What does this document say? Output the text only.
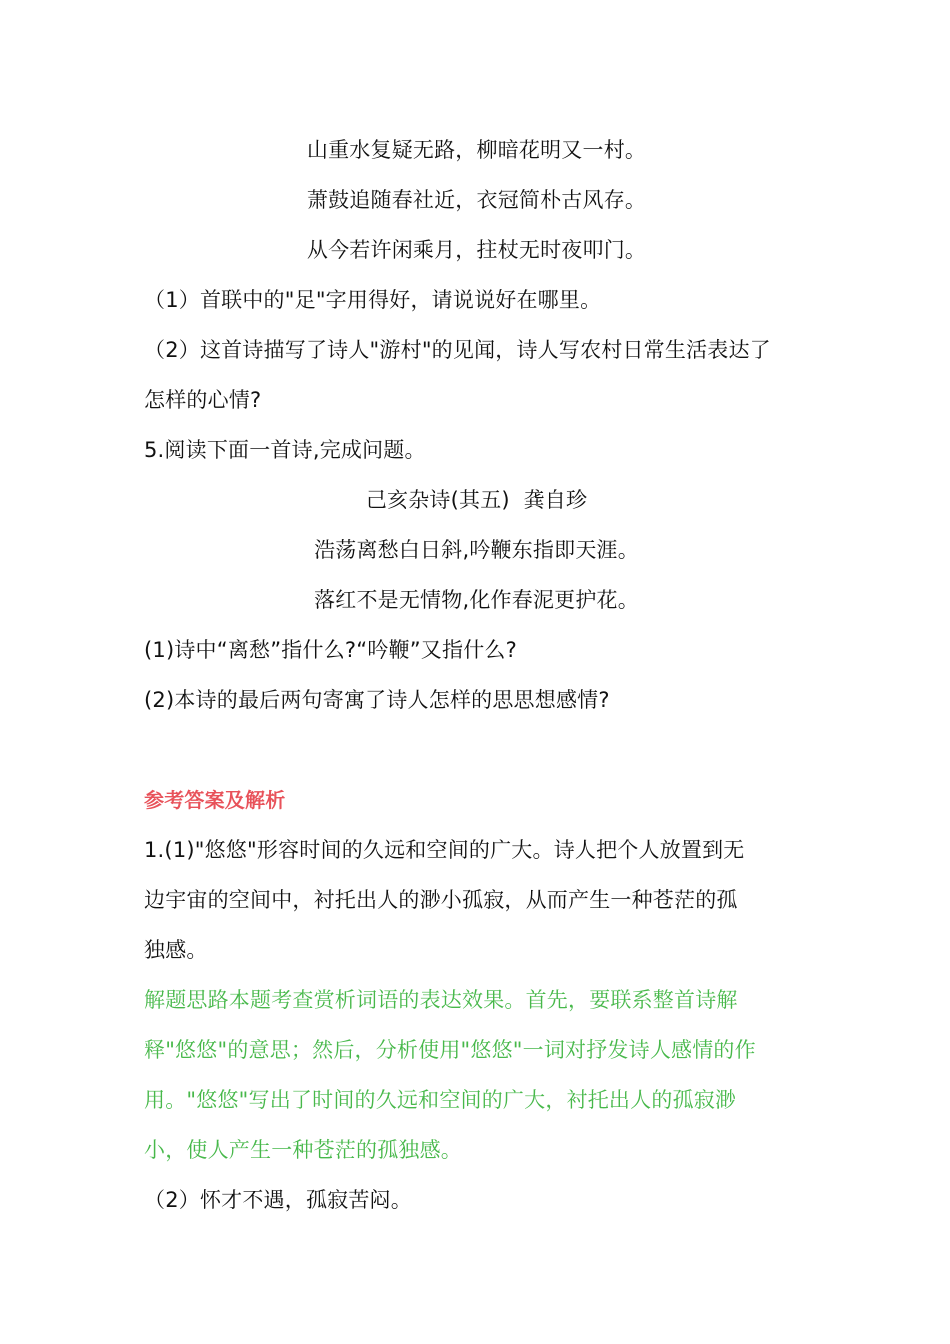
山重水复疑无路，柳暗花明又一村。
萧鼓追随春社近，衣冠简朴古风存。
从今若许闲乘月，拄杖无时夜叩门。
（1）首联中的"足"字用得好，请说说好在哪里。
（2）这首诗描写了诗人"游村"的见闻，诗人写农村日常生活表达了
怎样的心情?
5.阅读下面一首诗,完成问题。
己亥杂诗(其五)  龚自珍
浩荡离愁白日斜,吟鞭东指即天涯。
落红不是无情物,化作春泥更护花。
(1)诗中“离愁”指什么?“吟鞭”又指什么?
(2)本诗的最后两句寄寓了诗人怎样的思思想感情?
参考答案及解析
1.(1)"悠悠"形容时间的久远和空间的广大。诗人把个人放置到无
边宇宙的空间中，衬托出人的渺小孤寂，从而产生一种苍茫的孤
独感。
解题思路本题考查赏析词语的表达效果。首先，要联系整首诗解
释"悠悠"的意思；然后，分析使用"悠悠"一词对抒发诗人感情的作
用。"悠悠"写出了时间的久远和空间的广大，衬托出人的孤寂渺
小，使人产生一种苍茫的孤独感。
（2）怀才不遇，孤寂苦闷。
